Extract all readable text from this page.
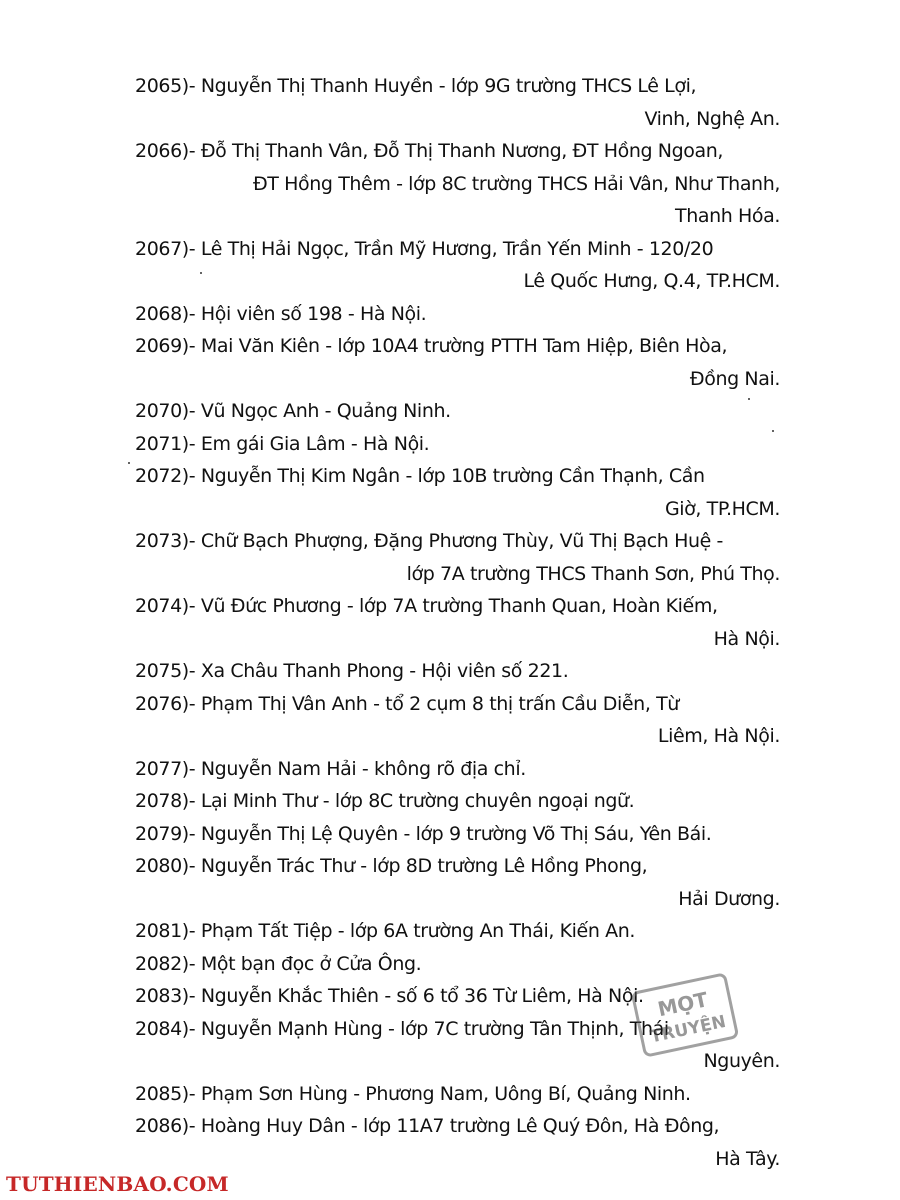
2065)- Nguyễn Thị Thanh Huyền - lớp 9G trường THCS Lê Lợi,
Vinh, Nghệ An.
2066)- Đỗ Thị Thanh Vân, Đỗ Thị Thanh Nương, ĐT Hồng Ngoan,
ĐT Hồng Thêm - lớp 8C trường THCS Hải Vân, Như Thanh,
Thanh Hóa.
2067)- Lê Thị Hải Ngọc, Trần Mỹ Hương, Trần Yến Minh - 120/20
Lê Quốc Hưng, Q.4, TP.HCM.
2068)- Hội viên số 198 - Hà Nội.
2069)- Mai Văn Kiên - lớp 10A4 trường PTTH Tam Hiệp, Biên Hòa,
Đồng Nai.
2070)- Vũ Ngọc Anh - Quảng Ninh.
2071)- Em gái Gia Lâm - Hà Nội.
2072)- Nguyễn Thị Kim Ngân - lớp 10B trường Cần Thạnh, Cần
Giờ, TP.HCM.
2073)- Chữ Bạch Phượng, Đặng Phương Thùy, Vũ Thị Bạch Huệ -
lớp 7A trường THCS Thanh Sơn, Phú Thọ.
2074)- Vũ Đức Phương - lớp 7A trường Thanh Quan, Hoàn Kiếm,
Hà Nội.
2075)- Xa Châu Thanh Phong - Hội viên số 221.
2076)- Phạm Thị Vân Anh - tổ 2 cụm 8 thị trấn Cầu Diễn, Từ
Liêm, Hà Nội.
2077)- Nguyễn Nam Hải - không rõ địa chỉ.
2078)- Lại Minh Thư - lớp 8C trường chuyên ngoại ngữ.
2079)- Nguyễn Thị Lệ Quyên - lớp 9 trường Võ Thị Sáu, Yên Bái.
2080)- Nguyễn Trác Thư - lớp 8D trường Lê Hồng Phong,
Hải Dương.
2081)- Phạm Tất Tiệp - lớp 6A trường An Thái, Kiến An.
2082)- Một bạn đọc ở Cửa Ông.
2083)- Nguyễn Khắc Thiên - số 6 tổ 36 Từ Liêm, Hà Nội.
2084)- Nguyễn Mạnh Hùng - lớp 7C trường Tân Thịnh, Thái
Nguyên.
2085)- Phạm Sơn Hùng - Phương Nam, Uông Bí, Quảng Ninh.
2086)- Hoàng Huy Dân - lớp 11A7 trường Lê Quý Đôn, Hà Đông,
Hà Tây.
MỌT
TRUYỆN
TUTHIENBAO.COM
